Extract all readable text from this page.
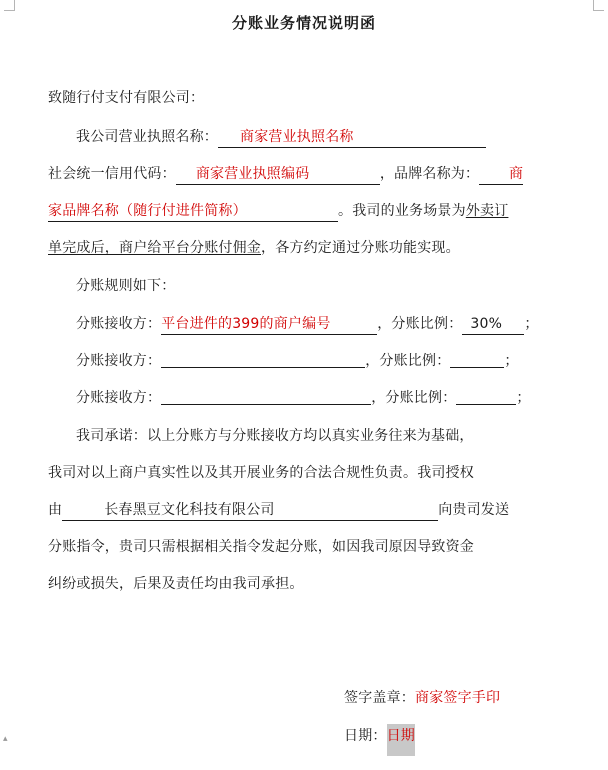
分账业务情况说明函
致随行付支付有限公司：
我公司营业执照名称： 商家营业执照名称
社会统一信用代码： 商家营业执照编码	，品牌名称为： 商
家品牌名称（随行付进件简称）	。我司的业务场景为外卖订
单完成后，商户给平台分账付佣金，各方约定通过分账功能实现。
分账规则如下：
分账接收方：平台进件的399的商户编号	，分账比例： 30% ；
分账接收方：	，分账比例：	；
分账接收方：	，分账比例：	；
我司承诺：以上分账方与分账接收方均以真实业务往来为基础，
我司对以上商户真实性以及其开展业务的合法合规性负责。我司授权
由	长春黑豆文化科技有限公司	向贵司发送
分账指令，贵司只需根据相关指令发起分账，如因我司原因导致资金
纠纷或损失，后果及责任均由我司承担。
签字盖章：商家签字手印
日期：日期
▴
